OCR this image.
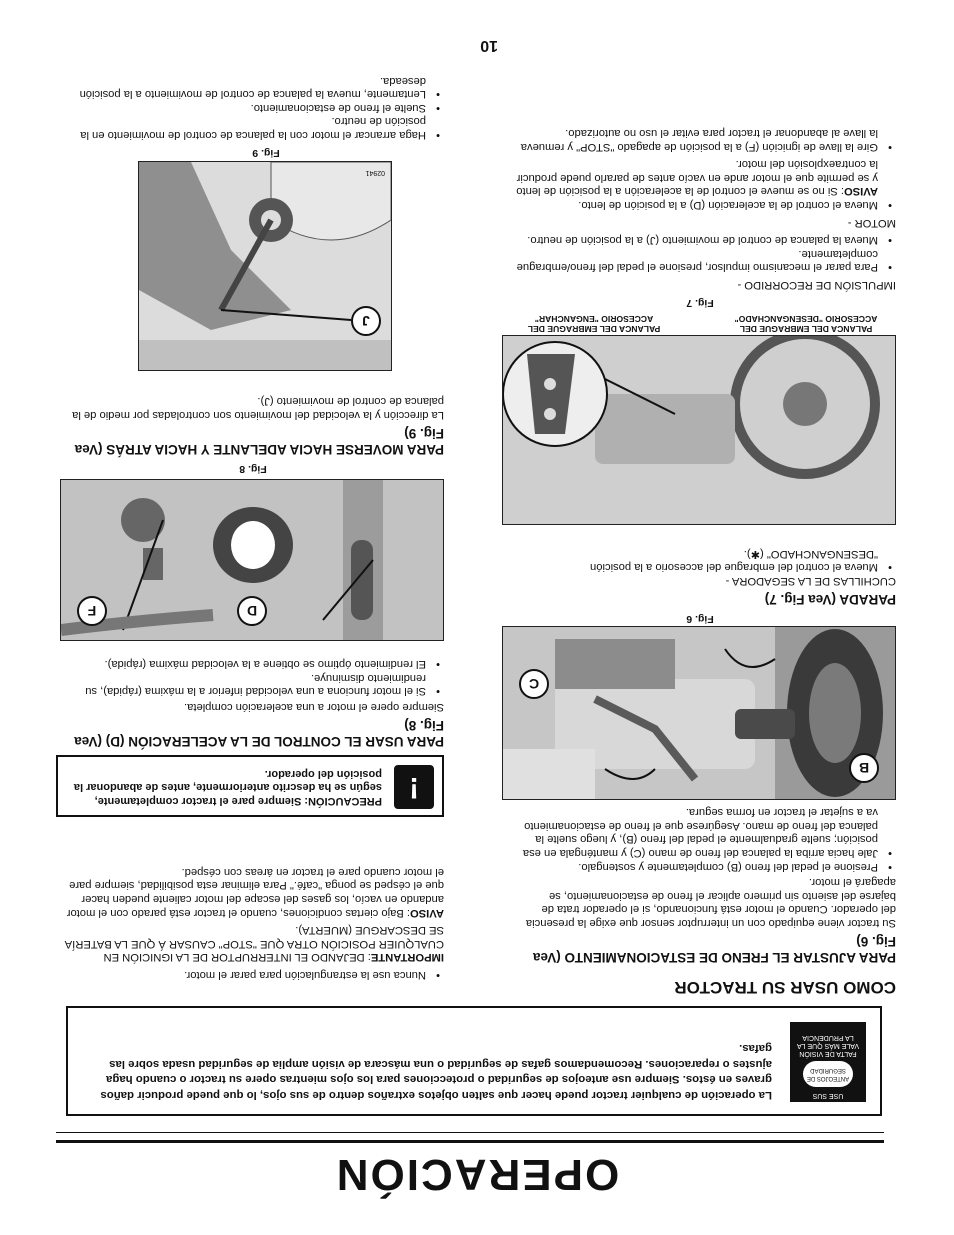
OPERACIÓN
USE SUS
ANTEOJOS DE SEGURIDAD
FALTA DE VISIÓN
VALE MÁS QUE LA
LA PRUDENCIA
La operación de cualquier tractor puede hacer que salten objetos extraños dentro de sus ojos, lo que puede producir daños graves en éstos. Siempre use anteojos de seguridad o protecciones para los ojos mientras opere su tractor o cuando haga ajustes o reparaciones. Recomendamos gafas de seguridad o una máscara de visión amplia de seguridad usada sobre las gafas.
COMO USAR SU TRACTOR
PARA AJUSTAR EL FRENO DE ESTACIONAMIENTO (Vea Fig. 6)
Su tractor viene equipado con un interruptor sensor que exige la presencia del operador. Cuando el motor está funcionando, si el operador trata de bajarse del asiento sin primero aplicar el freno de estacionamiento, se apagará el motor.
• Presione el pedal del freno (B) completamente y sostengalo.
• Jale hacia arriba la palanca del freno de mano (C) y manténgala en esa posición; suelte gradualmente el pedal del freno (B), y luego suelte la palanca del freno de mano. Asegúrese que el freno de estacionamiento va a sujetar el tractor en forma segura.
B
C
Fig. 6
PARADA (Vea Fig. 7)
CUCHILLAS DE LA SEGADORA -
• Mueva el control del embrague del accesorio a la posición "DESENGANCHADO" (✱).
PALANCA DEL EMBRAGUE DEL ACCESORIO "DESENGANCHADO"
PALANCA DEL EMBRAGUE DEL ACCESORIO "ENGANCHAR"
Fig. 7
IMPULSIÓN DE RECORRIDO -
• Para parar el mecanismo impulsor, presione el pedal del freno/embrague completamente.
• Mueva la palanca de control de movimiento (J) a la posición de neutro.
MOTOR -
• Mueva el control de la aceleración (D) a la posición de lento.
AVISO: Si no se mueve el control de la aceleración a la posición de lento y se permite que el motor ande en vacío antes de pararlo puede producir la contraexplosión del motor.
• Gire la llave de ignición (F) a la posición de apagado "STOP" y remueva la llave al abandonar el tractor para evitar el uso no autorizado.
• Nunca use la estrangulación para parar el motor.
IMPORTANTE: DEJANDO EL INTERRUPTOR DE LA IGNICIÓN EN CUALQUIER POSICIÓN OTRA QUE "STOP" CAUSAR Á QUE LA BATERÍA SE DESCARGUE (MUERTA).
AVISO: Bajo ciertas condiciones, cuando el tractor está parado con el motor andando en vacío, los gases del escape del motor caliente pueden hacer que el césped se ponga "café." Para eliminar esta posibilidad, siempre pare el motor cuando pare el tractor en áreas con césped.
!
PRECAUCIÓN: Siempre pare el tractor completamente, según se ha descrito anteriormente, antes de abandonar la posición del operador.
PARA USAR EL CONTROL DE LA ACELERACIÓN (D) (Vea Fig. 8)
Siempre opere el motor a una aceleración completa.
• Si el motor funciona a una velocidad inferior a la máxima (rápida), su rendimiento disminuye.
• El rendimiento óptimo se obtiene a la velocidad máxima (rápida).
D
F
Fig. 8
PARA MOVERSE HACIA ADELANTE Y HACIA ATRÁS (Vea Fig. 9)
La dirección y la velocidad del movimiento son controladas por medio de la palanca de control de movimiento (J).
J
02941
Fig. 9
• Haga arrancar el motor con la palanca de control de movimiento en la posición de neutro.
• Suelte el freno de estacionamiento.
• Lentamente, mueva la palanca de control de movimiento a la posición deseada.
10
